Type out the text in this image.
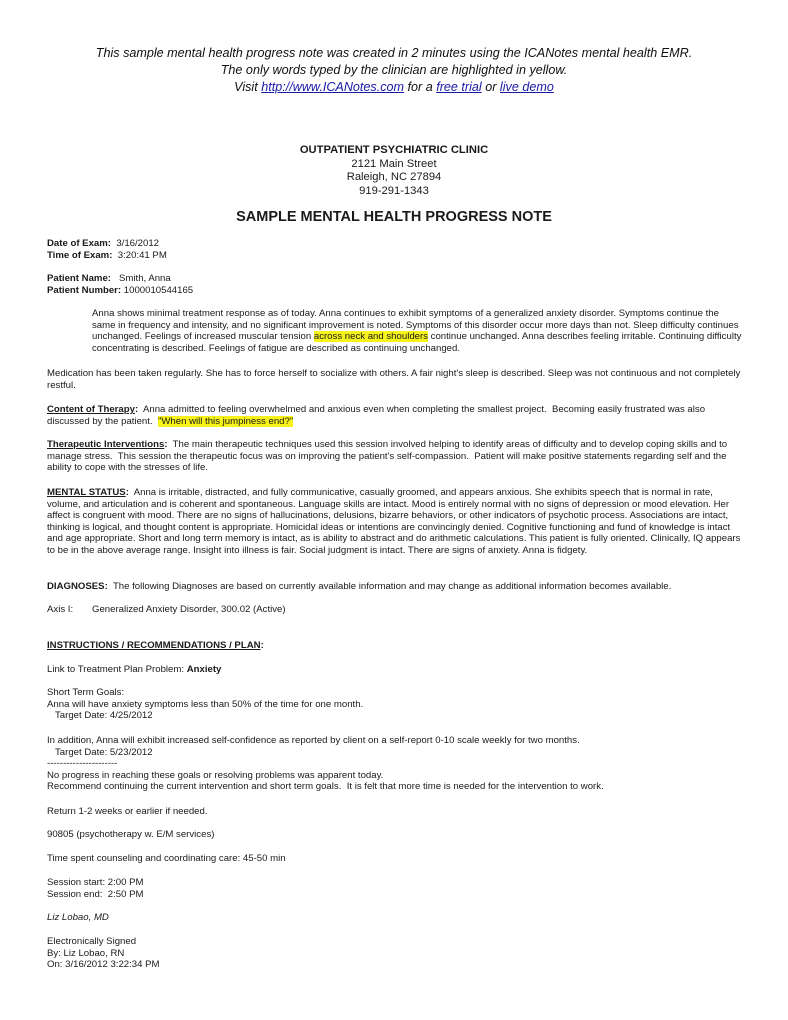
This sample mental health progress note was created in 2 minutes using the ICANotes mental health EMR.
The only words typed by the clinician are highlighted in yellow.
Visit http://www.ICANotes.com for a free trial or live demo
OUTPATIENT PSYCHIATRIC CLINIC
2121 Main Street
Raleigh, NC 27894
919-291-1343
SAMPLE MENTAL HEALTH PROGRESS NOTE
Date of Exam: 3/16/2012
Time of Exam: 3:20:41 PM
Patient Name: Smith, Anna
Patient Number: 1000010544165
Anna shows minimal treatment response as of today. Anna continues to exhibit symptoms of a generalized anxiety disorder. Symptoms continue the same in frequency and intensity, and no significant improvement is noted. Symptoms of this disorder occur more days than not. Sleep difficulty continues unchanged. Feelings of increased muscular tension across neck and shoulders continue unchanged. Anna describes feeling irritable. Continuing difficulty concentrating is described. Feelings of fatigue are described as continuing unchanged.
Medication has been taken regularly. She has to force herself to socialize with others. A fair night's sleep is described. Sleep was not continuous and not completely restful.
Content of Therapy:  Anna admitted to feeling overwhelmed and anxious even when completing the smallest project.  Becoming easily frustrated was also discussed by the patient.  "When will this jumpiness end?"
Therapeutic Interventions:  The main therapeutic techniques used this session involved helping to identify areas of difficulty and to develop coping skills and to manage stress.  This session the therapeutic focus was on improving the patient's self-compassion.  Patient will make positive statements regarding self and the ability to cope with the stresses of life.
MENTAL STATUS:  Anna is irritable, distracted, and fully communicative, casually groomed, and appears anxious. She exhibits speech that is normal in rate, volume, and articulation and is coherent and spontaneous. Language skills are intact. Mood is entirely normal with no signs of depression or mood elevation. Her affect is congruent with mood. There are no signs of hallucinations, delusions, bizarre behaviors, or other indicators of psychotic process. Associations are intact, thinking is logical, and thought content is appropriate. Homicidal ideas or intentions are convincingly denied. Cognitive functioning and fund of knowledge is intact and age appropriate. Short and long term memory is intact, as is ability to abstract and do arithmetic calculations. This patient is fully oriented. Clinically, IQ appears to be in the above average range. Insight into illness is fair. Social judgment is intact. There are signs of anxiety. Anna is fidgety.
DIAGNOSES:  The following Diagnoses are based on currently available information and may change as additional information becomes available.
Axis I: Generalized Anxiety Disorder, 300.02 (Active)
INSTRUCTIONS / RECOMMENDATIONS / PLAN:
Link to Treatment Plan Problem: Anxiety
Short Term Goals:
Anna will have anxiety symptoms less than 50% of the time for one month.
Target Date: 4/25/2012
In addition, Anna will exhibit increased self-confidence as reported by client on a self-report 0-10 scale weekly for two months.
Target Date: 5/23/2012
----------------------
No progress in reaching these goals or resolving problems was apparent today.
Recommend continuing the current intervention and short term goals.  It is felt that more time is needed for the intervention to work.
Return 1-2 weeks or earlier if needed.
90805 (psychotherapy w. E/M services)
Time spent counseling and coordinating care: 45-50 min
Session start: 2:00 PM
Session end:  2:50 PM
Liz Lobao, MD
Electronically Signed
By: Liz Lobao, RN
On: 3/16/2012 3:22:34 PM
